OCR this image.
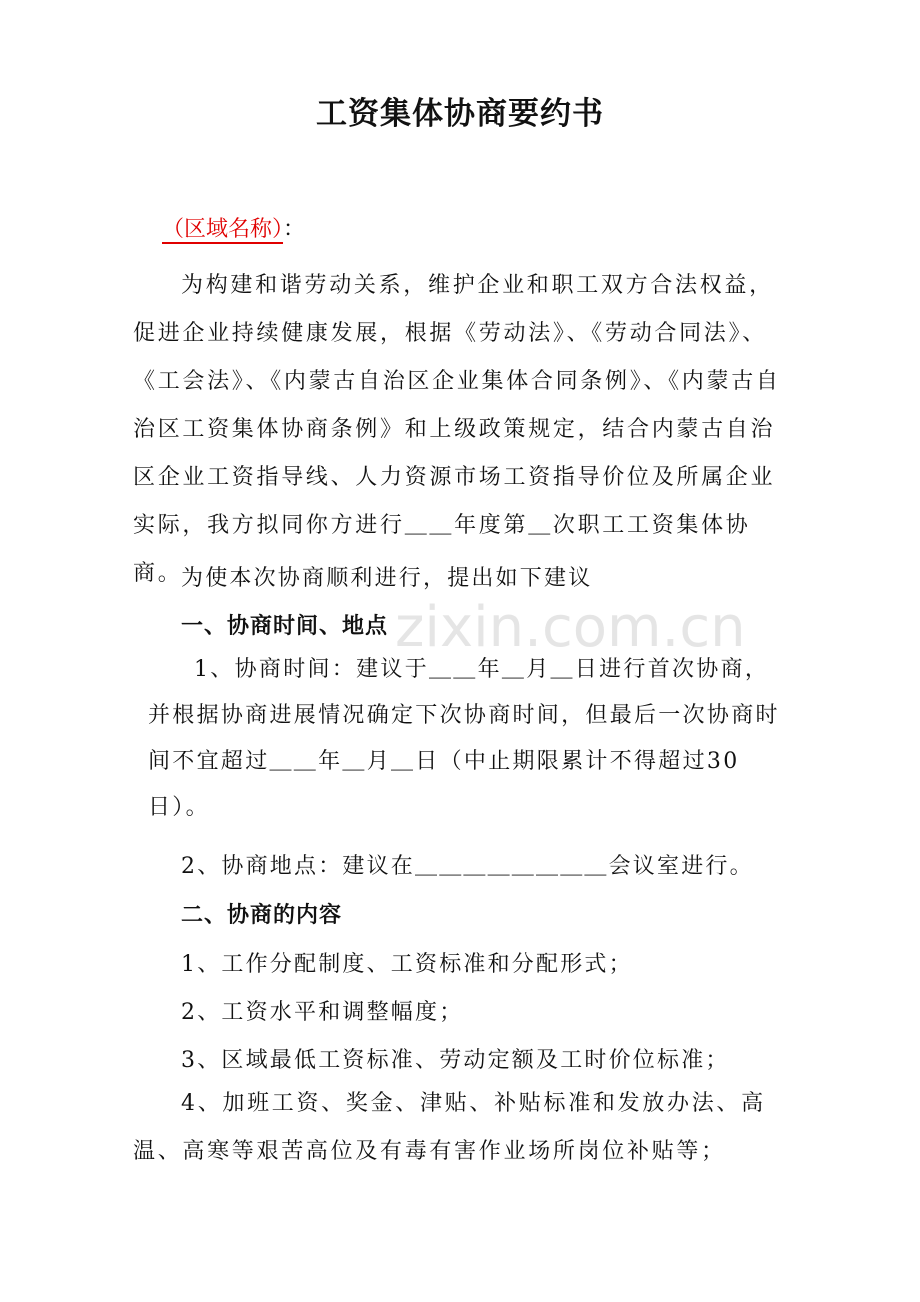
工资集体协商要约书
（区域名称）：
为构建和谐劳动关系，维护企业和职工双方合法权益，促进企业持续健康发展，根据《劳动法》、《劳动合同法》、《工会法》、《内蒙古自治区企业集体合同条例》、《内蒙古自治区工资集体协商条例》和上级政策规定，结合内蒙古自治区企业工资指导线、人力资源市场工资指导价位及所属企业实际，我方拟同你方进行＿＿年度第＿次职工工资集体协商。
为使本次协商顺利进行，提出如下建议
一、协商时间、地点
1、协商时间：建议于＿＿年＿月＿日进行首次协商，并根据协商进展情况确定下次协商时间，但最后一次协商时间不宜超过＿＿年＿月＿日（中止期限累计不得超过30日）。
2、协商地点：建议在＿＿＿＿＿＿＿＿会议室进行。
二、协商的内容
1、工作分配制度、工资标准和分配形式；
2、工资水平和调整幅度；
3、区域最低工资标准、劳动定额及工时价位标准；
4、加班工资、奖金、津贴、补贴标准和发放办法、高温、高寒等艰苦高位及有毒有害作业场所岗位补贴等；
zixin.com.cn
